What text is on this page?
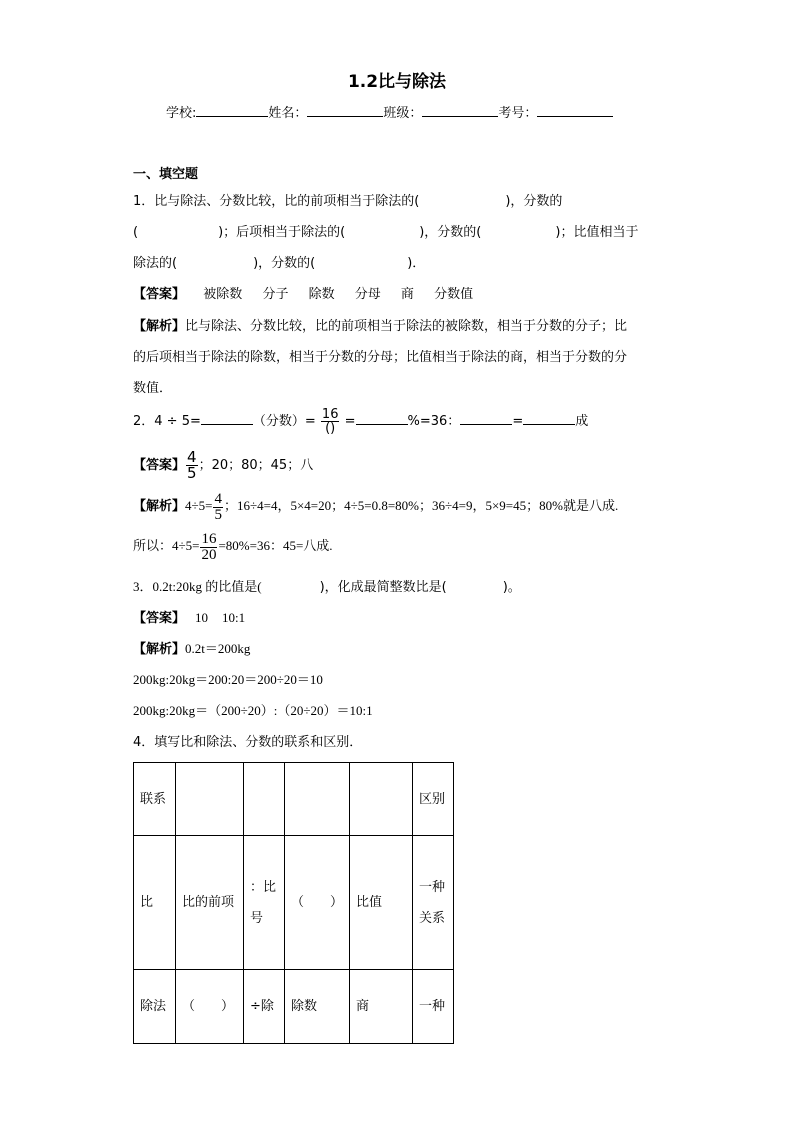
1.2比与除法
学校:	姓名：	班级：	考号：
一、填空题
1．比与除法、分数比较，比的前项相当于除法的(	)，分数的
(	)；后项相当于除法的(	)，分数的(	)；比值相当于
除法的(	)，分数的(	)．
【答案】 被除数 分子 除数 分母 商 分数值
【解析】比与除法、分数比较，比的前项相当于除法的被除数，相当于分数的分子；比
的后项相当于除法的除数，相当于分数的分母；比值相当于除法的商，相当于分数的分
数值．
2．4 ÷ 5=	（分数）= $\frac{16}{()}$ =	%=36：	=	成
【答案】 $\frac{4}{5}$ ；20；80；45；八
【解析】$4\div 5= \frac{4}{5}$ ；16÷4=4，5×4=20；4÷5=0.8=80%；36÷4=9，5×9=45；80%就是八成.
所以：$4\div 5= \frac{16}{20} =80\%=36$：45=八成.
3．0.2t:20kg 的比值是(	)，化成最简整数比是(	)。
【答案】 10 10:1
【解析】0.2t＝200kg
200kg:20kg＝200:20＝200÷20＝10
200kg:20kg＝（200÷20）:（20÷20）＝10:1
4．填写比和除法、分数的联系和区别．
联系					区别

比	比的前项	：比号	（　　）	比值	一种关系

除法	（　　）	÷除	除数	商	一种
